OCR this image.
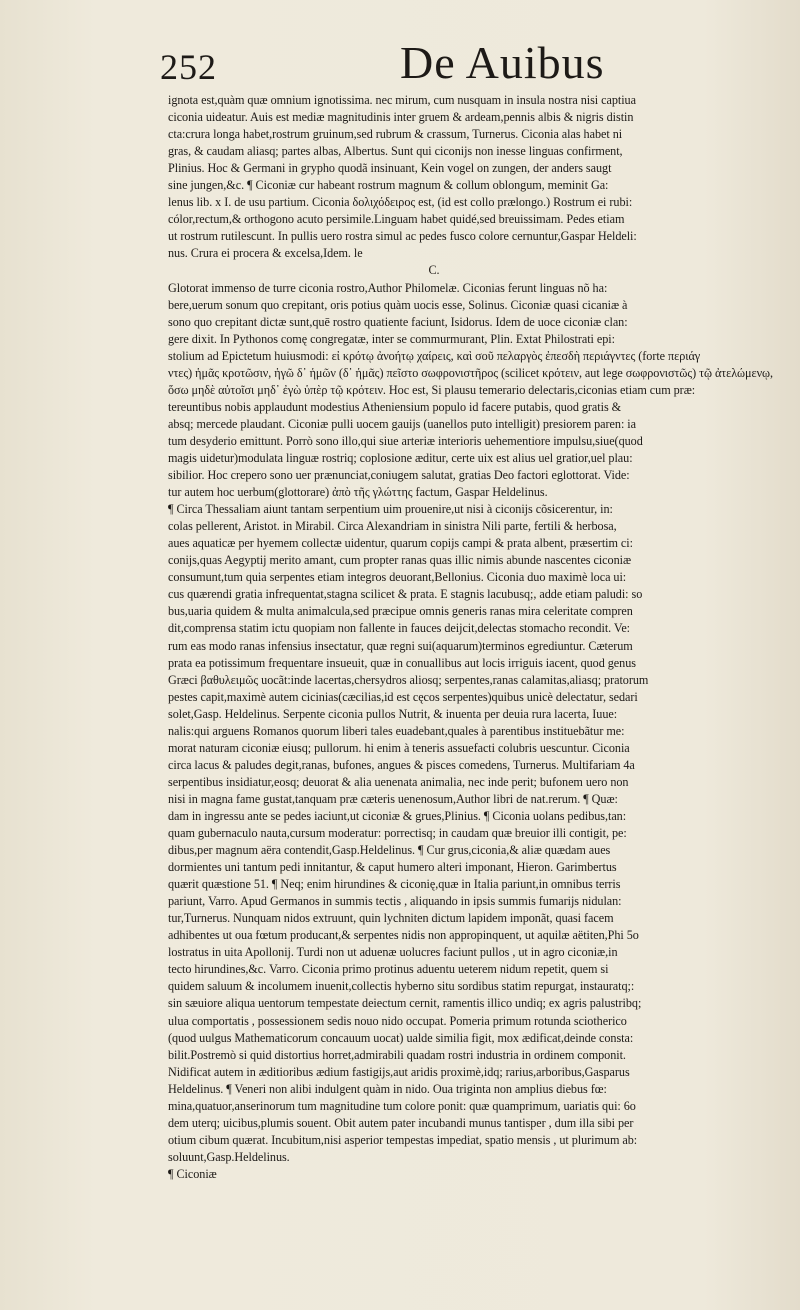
252	De Auibus
ignota est,quàm quæ omnium ignotissima. nec mirum, cum nusquam in insula nostra nisi captiua
ciconia uideatur. Auis est mediæ magnitudinis inter gruem & ardeam,pennis albis & nigris distin
cta:crura longa habet,rostrum gruinum,sed rubrum & crassum, Turnerus. Ciconia alas habet ni
gras, & caudam aliasq; partes albas, Albertus. Sunt qui ciconijs non inesse linguas confirment,
Plinius. Hoc & Germani in grypho quodã insinuant, Kein vogel on zungen, der anders saugt
sine jungen,&c. ¶ Ciconiæ cur habeant rostrum magnum & collum oblongum, meminit Ga:
lenus lib. x I. de usu partium. Ciconia δολιχόδειρος est, (id est collo prælongo.) Rostrum ei rubi:
cólor,rectum,& orthogono acuto persimile.Linguam habet quidé,sed breuissimam. Pedes etiam
ut rostrum rutilescunt. In pullis uero rostra simul ac pedes fusco colore cernuntur,Gaspar Heldeli:
nus. Crura ei procera & excelsa,Idem. le
C.
Glotorat immenso de turre ciconia rostro,Author Philomelæ. Ciconias ferunt linguas nõ ha:
bere,uerum sonum quo crepitant, oris potius quàm uocis esse, Solinus. Ciconiæ quasi cicaniæ à
sono quo crepitant dictæ sunt,quē rostro quatiente faciunt, Isidorus. Idem de uoce ciconiæ clan:
gere dixit. In Pythonos comę congregatæ, inter se commurmurant, Plin. Extat Philostrati epi:
stolium ad Epictetum huiusmodi: εἰ κρότῳ ἀνοήτῳ χαίρεις, καὶ σοῦ πελαργὸς ἐπεσδὴ περιάγντες (forte περιάγ
ντες) ἡμᾶς κροτῶσιν, ἡγῶ δ᾽ ἡμῶν (δ᾽ ἡμᾶς) πεῖστο σωφρονιστῆρος (scilicet κρότειν, aut lege σωφρονιστῶς) τῷ ἀτελώμενῳ,
ὅσω μηδὲ αὐτοῖσι μηδ᾽ ἐγὼ ὑπὲρ τῷ κρότειν. Hoc est, Si plausu temerario delectaris,ciconias etiam cum præ:
tereuntibus nobis applaudunt modestius Atheniensium populo id facere putabis, quod gratis &
absq; mercede plaudant. Ciconiæ pulli uocem gauijs (uanellos puto intelligit) presiorem paren: ia
tum desyderio emittunt. Porrò sono illo,qui siue arteriæ interioris uehementiore impulsu,siue(quod
magis uidetur)modulata linguæ rostriq; coplosione æditur, certe uix est alius uel gratior,uel plau:
sibilior. Hoc crepero sono uer prænunciat,coniugem salutat, gratias Deo factori eglottorat. Vide:
tur autem hoc uerbum(glottorare) ἀπὸ τῆς γλώττης factum, Gaspar Heldelinus.
¶ Circa Thessaliam aiunt tantam serpentium uim prouenire,ut nisi à ciconijs cõsicerentur, in:
colas pellerent, Aristot. in Mirabil. Circa Alexandriam in sinistra Nili parte, fertili & herbosa,
aues aquaticæ per hyemem collectæ uidentur, quarum copijs campi & prata albent, præsertim ci:
conijs,quas Aegyptij merito amant, cum propter ranas quas illic nimis abunde nascentes ciconiæ
consumunt,tum quia serpentes etiam integros deuorant,Bellonius. Ciconia duo maximè loca ui:
cus quærendi gratia infrequentat,stagna scilicet & prata. E stagnis lacubusq;, adde etiam paludi: so
bus,uaria quidem & multa animalcula,sed præcipue omnis generis ranas mira celeritate compren
dit,comprensa statim ictu quopiam non fallente in fauces deijcit,delectas stomacho recondit. Ve:
rum eas modo ranas infensius insectatur, quæ regni sui(aquarum)terminos egrediuntur. Cæterum
prata ea potissimum frequentare insueuit, quæ in conuallibus aut locis irriguis iacent, quod genus
Græci βαθυλειμῶς uocãt:inde lacertas,chersydros aliosq; serpentes,ranas calamitas,aliasq; pratorum
pestes capit,maximè autem cicinias(cæcilias,id est cęcos serpentes)quibus unicè delectatur, sedari
solet,Gasp. Heldelinus. Serpente ciconia pullos Nutrit, & inuenta per deuia rura lacerta, Iuue:
nalis:qui arguens Romanos quorum liberi tales euadebant,quales à parentibus instituebãtur me:
morat naturam ciconiæ eiusq; pullorum. hi enim à teneris assuefacti colubris uescuntur. Ciconia
circa lacus & paludes degit,ranas, bufones, angues & pisces comedens, Turnerus. Multifariam 4a
serpentibus insidiatur,eosq; deuorat & alia uenenata animalia, nec inde perit; bufonem uero non
nisi in magna fame gustat,tanquam præ cæteris uenenosum,Author libri de nat.rerum. ¶ Quæ:
dam in ingressu ante se pedes iaciunt,ut ciconiæ & grues,Plinius. ¶ Ciconia uolans pedibus,tan:
quam gubernaculo nauta,cursum moderatur: porrectisq; in caudam quæ breuior illi contigit, pe:
dibus,per magnum aëra contendit,Gasp.Heldelinus. ¶ Cur grus,ciconia,& aliæ quædam aues
dormientes uni tantum pedi innitantur, & caput humero alteri imponant, Hieron. Garimbertus
quærit quæstione 51. ¶ Neq; enim hirundines & ciconię,quæ in Italia pariunt,in omnibus terris
pariunt, Varro. Apud Germanos in summis tectis , aliquando in ipsis summis fumarijs nidulan:
tur,Turnerus. Nunquam nidos extruunt, quin lychniten dictum lapidem imponãt, quasi facem
adhibentes ut oua fœtum producant,& serpentes nidis non appropinquent, ut aquilæ aëtiten,Phi 5o
lostratus in uita Apollonij. Turdi non ut aduenæ uolucres faciunt pullos , ut in agro ciconiæ,in
tecto hirundines,&c. Varro. Ciconia primo protinus aduentu ueterem nidum repetit, quem si
quidem saluum & incolumem inuenit,collectis hyberno situ sordibus statim repurgat, instauratq;:
sin sæuiore aliqua uentorum tempestate deiectum cernit, ramentis illico undiq; ex agris palustribq;
ulua comportatis , possessionem sedis nouo nido occupat. Pomeria primum rotunda sciotherico
(quod uulgus Mathematicorum concauum uocat) ualde similia figit, mox ædificat,deinde consta:
bilit.Postremò si quid distortius horret,admirabili quadam rostri industria in ordinem componit.
Nidificat autem in æditioribus ædium fastigijs,aut aridis proximè,idq; rarius,arboribus,Gasparus
Heldelinus. ¶ Veneri non alibi indulgent quàm in nido. Oua triginta non amplius diebus fœ:
mina,quatuor,anserinorum tum magnitudine tum colore ponit: quæ quamprimum, uariatis qui: 6o
dem uterq; uicibus,plumis souent. Obit autem pater incubandi munus tantisper , dum illa sibi per
otium cibum quærat. Incubitum,nisi asperior tempestas impediat, spatio mensis , ut plurimum ab:
soluunt,Gasp.Heldelinus.
¶ Ciconiæ
